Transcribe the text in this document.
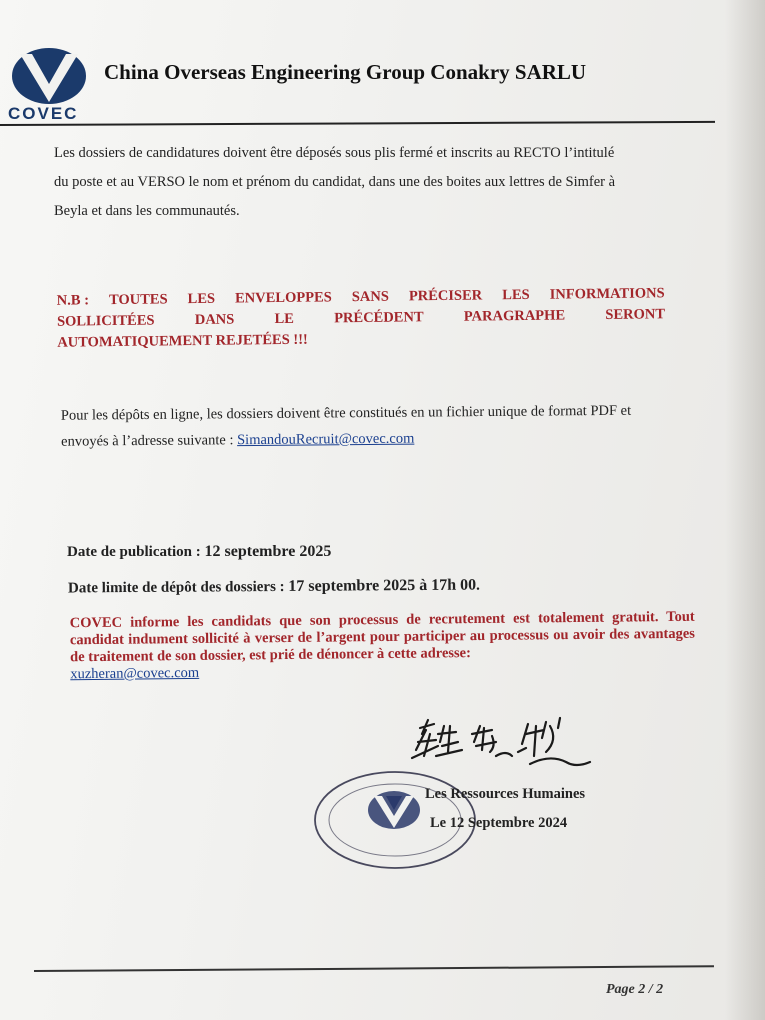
COVEC
China Overseas Engineering Group Conakry SARLU
Les dossiers de candidatures doivent être déposés sous plis fermé et inscrits au RECTO l’intitulé
du poste et au VERSO le nom et prénom du candidat, dans une des boites aux lettres de Simfer à
Beyla et dans les communautés.
N.B : TOUTES LES ENVELOPPES SANS PRÉCISER LES INFORMATIONS
SOLLICITÉES	DANS	LE	PRÉCÉDENT	PARAGRAPHE	SERONT
AUTOMATIQUEMENT REJETÉES !!!
Pour les dépôts en ligne, les dossiers doivent être constitués en un fichier unique de format PDF et
envoyés à l’adresse suivante : SimandouRecruit@covec.com
Date de publication : 12 septembre 2025
Date limite de dépôt des dossiers : 17 septembre 2025 à 17h 00.
COVEC informe les candidats que son processus de recrutement est totalement gratuit. Tout candidat indument sollicité à verser de l’argent pour participer au processus ou avoir des avantages de traitement de son dossier, est prié de dénoncer à cette adresse:
xuzheran@covec.com
Les Ressources Humaines
Le 12 Septembre 2024
Page 2 / 2
